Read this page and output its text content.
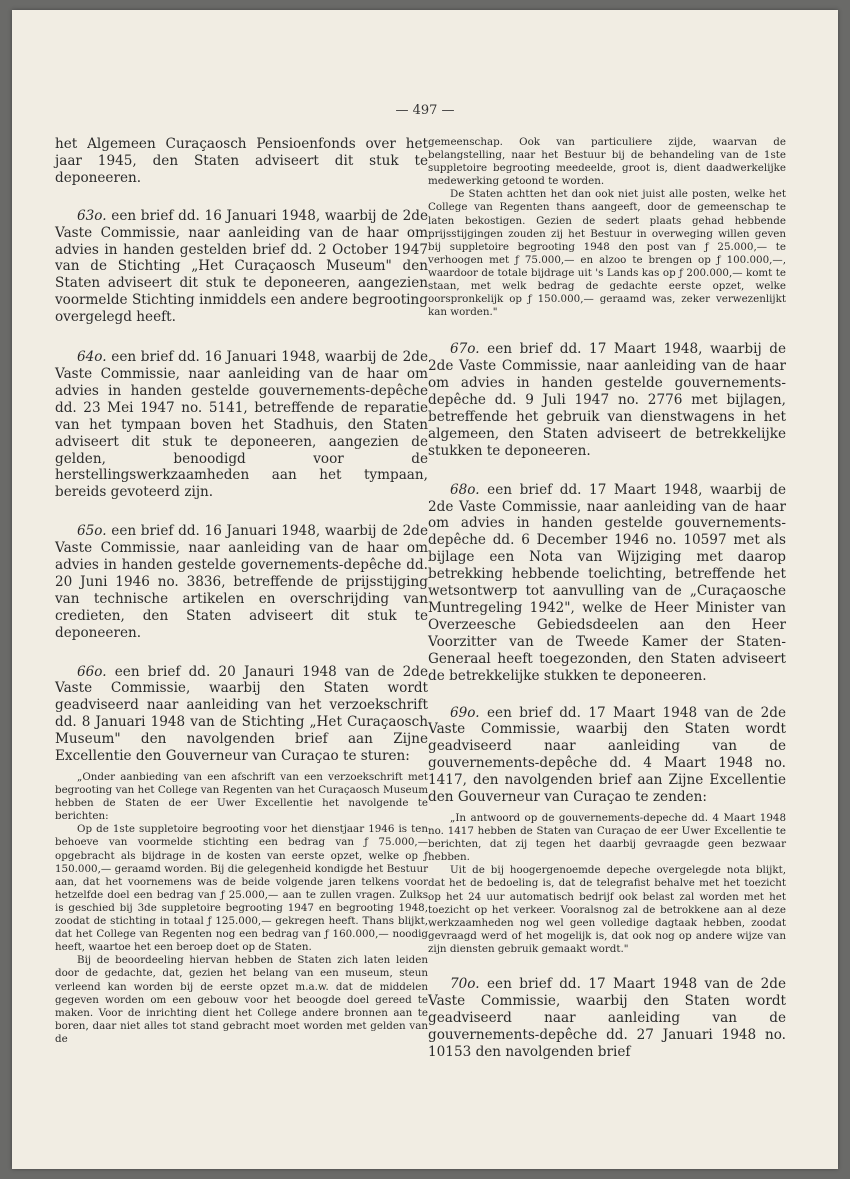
— 497 —

het Algemeen Curaçaosch Pensioenfonds over het jaar 1945, den Staten adviseert dit stuk te deponeeren.

63o. een brief dd. 16 Januari 1948, waarbij de 2de Vaste Commissie, naar aanleiding van de haar om advies in handen gestelden brief dd. 2 October 1947 van de Stichting „Het Curaçaosch Museum" den Staten adviseert dit stuk te deponeeren, aangezien voormelde Stichting inmiddels een andere begrooting overgelegd heeft.

64o. een brief dd. 16 Januari 1948, waarbij de 2de Vaste Commissie, naar aanleiding van de haar om advies in handen gestelde gouvernements-depêche dd. 23 Mei 1947 no. 5141, betreffende de reparatie van het tympaan boven het Stadhuis, den Staten adviseert dit stuk te deponeeren, aangezien de gelden, benoodigd voor de herstellingswerkzaamheden aan het tympaan, bereids gevoteerd zijn.

65o. een brief dd. 16 Januari 1948, waarbij de 2de Vaste Commissie, naar aanleiding van de haar om advies in handen gestelde governements-depêche dd. 20 Juni 1946 no. 3836, betreffende de prijsstijging van technische artikelen en overschrijding van credieten, den Staten adviseert dit stuk te deponeeren.

66o. een brief dd. 20 Janauri 1948 van de 2de Vaste Commissie, waarbij den Staten wordt geadviseerd naar aanleiding van het verzoekschrift dd. 8 Januari 1948 van de Stichting „Het Curaçaosch Museum" den navolgenden brief aan Zijne Excellentie den Gouverneur van Curaçao te sturen:

„Onder aanbieding van een afschrift van een verzoekschrift met begrooting van het College van Regenten van het Curaçaosch Museum hebben de Staten de eer Uwer Excellentie het navolgende te berichten:

Op de 1ste suppletoire begrooting voor het dienstjaar 1946 is ten behoeve van voormelde stichting een bedrag van ƒ 75.000,— opgebracht als bijdrage in de kosten van eerste opzet, welke op ƒ 150.000,— geraamd worden. Bij die gelegenheid kondigde het Bestuur aan, dat het voornemens was de beide volgende jaren telkens voor hetzelfde doel een bedrag van ƒ 25.000,— aan te zullen vragen. Zulks is geschied bij 3de suppletoire begrooting 1947 en begrooting 1948, zoodat de stichting in totaal ƒ 125.000,— gekregen heeft. Thans blijkt, dat het College van Regenten nog een bedrag van ƒ 160.000,— noodig heeft, waartoe het een beroep doet op de Staten.

Bij de beoordeeling hiervan hebben de Staten zich laten leiden door de gedachte, dat, gezien het belang van een museum, steun verleend kan worden bij de eerste opzet m.a.w. dat de middelen gegeven worden om een gebouw voor het beoogde doel gereed te maken. Voor de inrichting dient het College andere bronnen aan te boren, daar niet alles tot stand gebracht moet worden met gelden van de

gemeenschap. Ook van particuliere zijde, waarvan de belangstelling, naar het Bestuur bij de behandeling van de 1ste suppletoire begrooting meedeelde, groot is, dient daadwerkelijke medewerking getoond te worden.

De Staten achtten het dan ook niet juist alle posten, welke het College van Regenten thans aangeeft, door de gemeenschap te laten bekostigen. Gezien de sedert plaats gehad hebbende prijsstijgingen zouden zij het Bestuur in overweging willen geven bij suppletoire begrooting 1948 den post van ƒ 25.000,— te verhoogen met ƒ 75.000,— en alzoo te brengen op ƒ 100.000,—, waardoor de totale bijdrage uit 's Lands kas op ƒ 200.000,— komt te staan, met welk bedrag de gedachte eerste opzet, welke oorspronkelijk op ƒ 150.000,— geraamd was, zeker verwezenlijkt kan worden."

67o. een brief dd. 17 Maart 1948, waarbij de 2de Vaste Commissie, naar aanleiding van de haar om advies in handen gestelde gouvernements-depêche dd. 9 Juli 1947 no. 2776 met bijlagen, betreffende het gebruik van dienstwagens in het algemeen, den Staten adviseert de betrekkelijke stukken te deponeeren.

68o. een brief dd. 17 Maart 1948, waarbij de 2de Vaste Commissie, naar aanleiding van de haar om advies in handen gestelde gouvernements-depêche dd. 6 December 1946 no. 10597 met als bijlage een Nota van Wijziging met daarop betrekking hebbende toelichting, betreffende het wetsontwerp tot aanvulling van de „Curaçaosche Muntregeling 1942", welke de Heer Minister van Overzeesche Gebiedsdeelen aan den Heer Voorzitter van de Tweede Kamer der Staten-Generaal heeft toegezonden, den Staten adviseert de betrekkelijke stukken te deponeeren.

69o. een brief dd. 17 Maart 1948 van de 2de Vaste Commissie, waarbij den Staten wordt geadviseerd naar aanleiding van de gouvernements-depêche dd. 4 Maart 1948 no. 1417, den navolgenden brief aan Zijne Excellentie den Gouverneur van Curaçao te zenden:

„In antwoord op de gouvernements-depeche dd. 4 Maart 1948 no. 1417 hebben de Staten van Curaçao de eer Uwer Excellentie te berichten, dat zij tegen het daarbij gevraagde geen bezwaar hebben.

Uit de bij hoogergenoemde depeche overgelegde nota blijkt, dat het de bedoeling is, dat de telegrafist behalve met het toezicht op het 24 uur automatisch bedrijf ook belast zal worden met het toezicht op het verkeer. Vooralsnog zal de betrokkene aan al deze werkzaamheden nog wel geen volledige dagtaak hebben, zoodat gevraagd werd of het mogelijk is, dat ook nog op andere wijze van zijn diensten gebruik gemaakt wordt."

70o. een brief dd. 17 Maart 1948 van de 2de Vaste Commissie, waarbij den Staten wordt geadviseerd naar aanleiding van de gouvernements-depêche dd. 27 Januari 1948 no. 10153 den navolgenden brief
